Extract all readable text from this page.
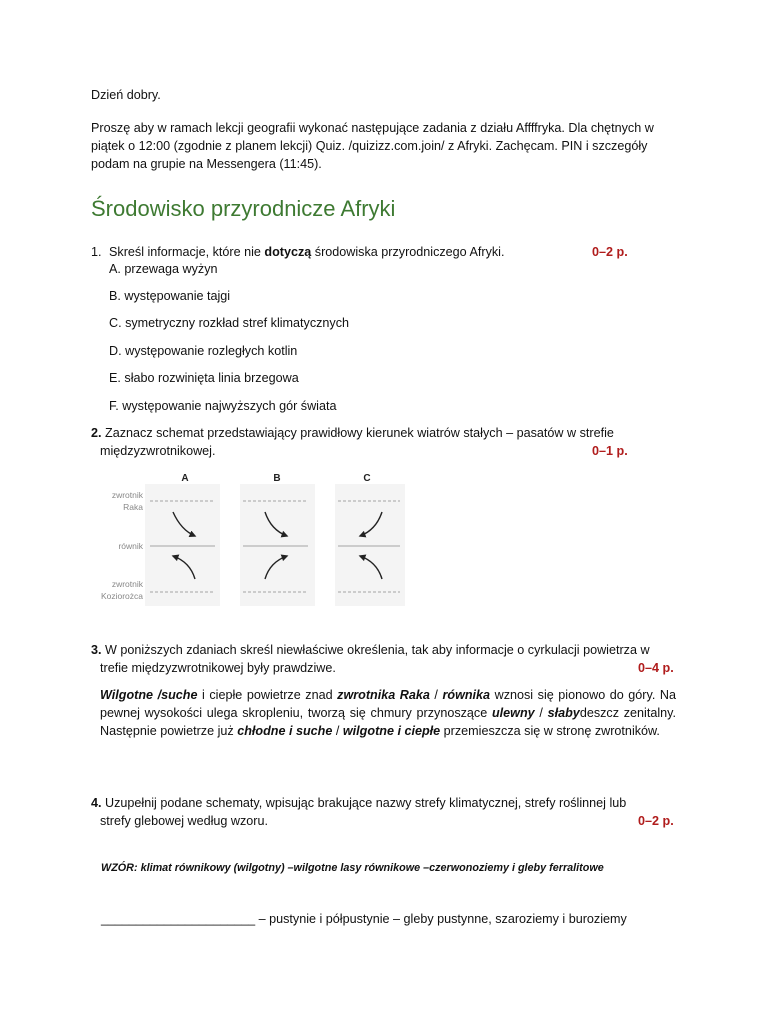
Dzień dobry.
Proszę aby w ramach lekcji geografii wykonać następujące zadania z działu Affffryka. Dla chętnych w
piątek o 12:00 (zgodnie z planem lekcji) Quiz. /quizizz.com.join/ z Afryki. Zachęcam. PIN i szczegóły
podam na grupie na Messengera (11:45).
Środowisko przyrodnicze Afryki
1. Skreśl informacje, które nie dotyczą środowiska przyrodniczego Afryki.	0–2 p.
A. przewaga wyżyn
B. występowanie tajgi
C. symetryczny rozkład stref klimatycznych
D. występowanie rozległych kotlin
E. słabo rozwinięta linia brzegowa
F. występowanie najwyższych gór świata
2. Zaznacz schemat przedstawiający prawidłowy kierunek wiatrów stałych – pasatów w strefie
międzyzwrotnikowej.	0–1 p.
A	B	C
zwrotnik
Raka
równik
zwrotnik
Koziorożca
3. W poniższych zdaniach skreśl niewłaściwe określenia, tak aby informacje o cyrkulacji powietrza w
trefie międzyzwrotnikowej były prawdziwe.	0–4 p.
Wilgotne /suche i ciepłe powietrze znad zwrotnika Raka / równika wznosi się pionowo do góry. Na pewnej wysokości ulega skropleniu, tworzą się chmury przynoszące ulewny / słabydeszcz zenitalny. Następnie powietrze już chłodne i suche / wilgotne i ciepłe przemieszcza się w stronę zwrotników.
4. Uzupełnij podane schematy, wpisując brakujące nazwy strefy klimatycznej, strefy roślinnej lub
strefy glebowej według wzoru.	0–2 p.
WZÓR: klimat równikowy (wilgotny) –wilgotne lasy równikowe –czerwonoziemy i gleby ferralitowe
______________________ – pustynie i półpustynie – gleby pustynne, szaroziemy i buroziemy
